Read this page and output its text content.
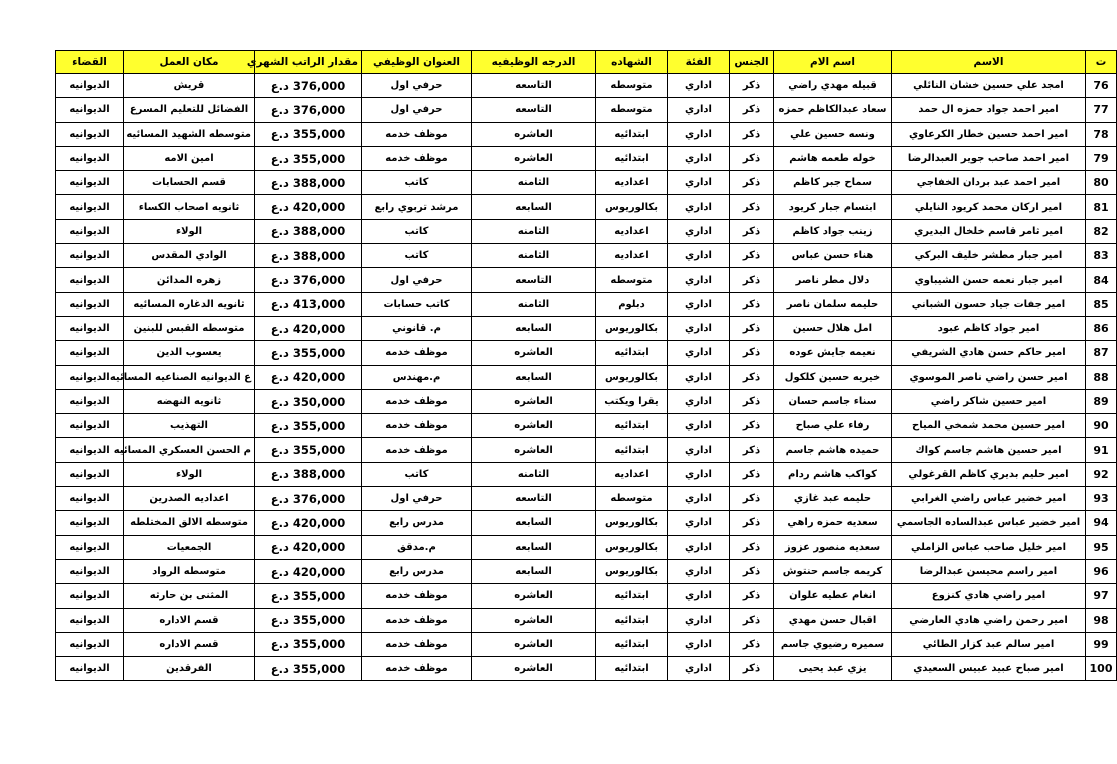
ت	الاسم	اسم الام	الجنس	الفئة	الشهاده	الدرجه الوظيفيه	العنوان الوظيفي	مقدار الراتب الشهري	مكان العمل	القضاء
76	امجد علي حسين خشان النائلي	قبيله مهدي راضي	ذكر	اداري	متوسطه	التاسعه	حرفي اول	376,000 د.ع	قريش	الديوانيه
77	امير احمد جواد حمزه ال حمد	سعاد عبدالكاظم حمزه	ذكر	اداري	متوسطه	التاسعه	حرفي اول	376,000 د.ع	الفضائل للتعليم المسرع	الديوانيه
78	امير احمد حسين خطار الكرعاوي	ونسه حسين علي	ذكر	اداري	ابتدائيه	العاشره	موظف خدمه	355,000 د.ع	متوسطه الشهيد المسائيه	الديوانيه
79	امير احمد صاحب جوير العبدالرضا	خوله طعمه هاشم	ذكر	اداري	ابتدائيه	العاشره	موظف خدمه	355,000 د.ع	امين الامه	الديوانيه
80	امير احمد عبد بردان الخفاجي	سماح جبر كاظم	ذكر	اداري	اعداديه	الثامنه	كاتب	388,000 د.ع	قسم الحسابات	الديوانيه
81	امير اركان محمد كريود النايلي	ابتسام جبار كريود	ذكر	اداري	بكالوريوس	السابعه	مرشد تربوي رابع	420,000 د.ع	ثانويه اصحاب الكساء	الديوانيه
82	امير ثامر قاسم خلخال البديري	زينب جواد كاظم	ذكر	اداري	اعداديه	الثامنه	كاتب	388,000 د.ع	الولاء	الديوانيه
83	امير جبار مطشر خليف البركي	هناء حسن عباس	ذكر	اداري	اعداديه	الثامنه	كاتب	388,000 د.ع	الوادي المقدس	الديوانيه
84	امير جبار نعمه حسن الشيباوي	دلال مطر ناصر	ذكر	اداري	متوسطه	التاسعه	حرفي اول	376,000 د.ع	زهره المدائن	الديوانيه
85	امير جفات جياد حسون الشباني	حليمه سلمان ناصر	ذكر	اداري	دبلوم	الثامنه	كاتب حسابات	413,000 د.ع	ثانويه الدغاره المسائيه	الديوانيه
86	امير جواد كاظم عبود	امل هلال حسين	ذكر	اداري	بكالوريوس	السابعه	م. قانوني	420,000 د.ع	متوسطه القبس للبنين	الديوانيه
87	امير حاكم حسن هادي الشريفي	نعيمه جايش عوده	ذكر	اداري	ابتدائيه	العاشره	موظف خدمه	355,000 د.ع	يعسوب الدين	الديوانيه
88	امير حسن راضي ناصر الموسوي	خيريه حسين كلكول	ذكر	اداري	بكالوريوس	السابعه	م.مهندس	420,000 د.ع	ع الديوانيه الصناعيه المسائيه	الديوانيه
89	امير حسين شاكر راضي	سناء جاسم حسان	ذكر	اداري	يقرا ويكتب	العاشره	موظف خدمه	350,000 د.ع	ثانويه النهضه	الديوانيه
90	امير حسين محمد شمخي المياح	رفاء علي صباح	ذكر	اداري	ابتدائيه	العاشره	موظف خدمه	355,000 د.ع	التهذيب	الديوانيه
91	امير حسين هاشم جاسم كواك	حميده هاشم جاسم	ذكر	اداري	ابتدائيه	العاشره	موظف خدمه	355,000 د.ع	م الحسن العسكري المسائيه	الديوانيه
92	امير حليم بديري كاظم القرغولي	كواكب هاشم ردام	ذكر	اداري	اعداديه	الثامنه	كاتب	388,000 د.ع	الولاء	الديوانيه
93	امير خضير عباس راضي الغرابي	حليمه عبد غازي	ذكر	اداري	متوسطه	التاسعه	حرفي اول	376,000 د.ع	اعداديه الصدرين	الديوانيه
94	امير خضير عباس عبدالساده الجاسمي	سعديه حمزه راهي	ذكر	اداري	بكالوريوس	السابعه	مدرس رابع	420,000 د.ع	متوسطه الالق المختلطه	الديوانيه
95	امير خليل صاحب عباس الزاملي	سعديه منصور عزوز	ذكر	اداري	بكالوريوس	السابعه	م.مدقق	420,000 د.ع	الجمعيات	الديوانيه
96	امير راسم محيسن عبدالرضا	كريمه جاسم حنتوش	ذكر	اداري	بكالوريوس	السابعه	مدرس رابع	420,000 د.ع	متوسطه الرواد	الديوانيه
97	امير راضي هادي كنزوع	انغام عطيه علوان	ذكر	اداري	ابتدائيه	العاشره	موظف خدمه	355,000 د.ع	المثنى بن حارثه	الديوانيه
98	امير رحمن راضي هادي العارضي	اقبال حسن مهدي	ذكر	اداري	ابتدائيه	العاشره	موظف خدمه	355,000 د.ع	قسم الاداره	الديوانيه
99	امير سالم عبد كزار الطائي	سميره رضيوي جاسم	ذكر	اداري	ابتدائيه	العاشره	موظف خدمه	355,000 د.ع	قسم الاداره	الديوانيه
100	امير صباح عبيد عبيس السعيدي	يزي عبد يحيى	ذكر	اداري	ابتدائيه	العاشره	موظف خدمه	355,000 د.ع	الفرقدين	الديوانيه
